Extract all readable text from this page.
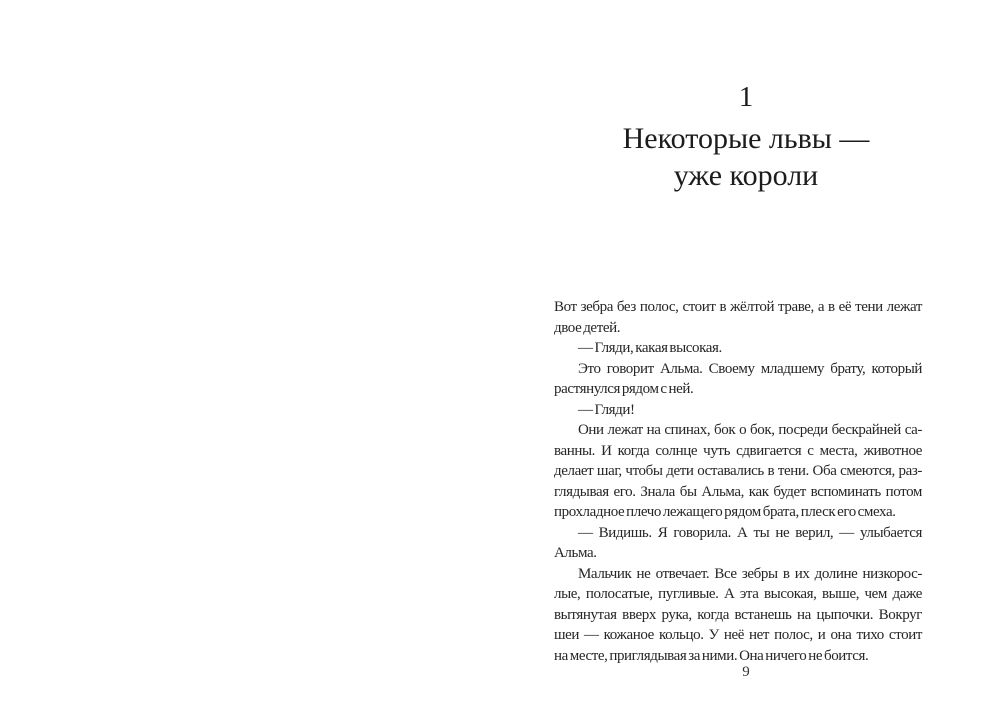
1
Некоторые львы —
уже короли
Вот зебра без полос, стоит в жёлтой траве, а в её тени лежат
двое детей.
— Гляди, какая высокая.
Это говорит Альма. Своему младшему брату, который
растянулся рядом с ней.
— Гляди!
Они лежат на спинах, бок о бок, посреди бескрайней са-
ванны. И когда солнце чуть сдвигается с места, животное
делает шаг, чтобы дети оставались в тени. Оба смеются, раз-
глядывая его. Знала бы Альма, как будет вспоминать потом
прохладное плечо лежащего рядом брата, плеск его смеха.
— Видишь. Я говорила. А ты не верил, — улыбается Альма.
Мальчик не отвечает. Все зебры в их долине низкорос-
лые, полосатые, пугливые. А эта высокая, выше, чем даже
вытянутая вверх рука, когда встанешь на цыпочки. Вокруг
шеи — кожаное кольцо. У неё нет полос, и она тихо стоит
на месте, приглядывая за ними. Она ничего не боится.
9
